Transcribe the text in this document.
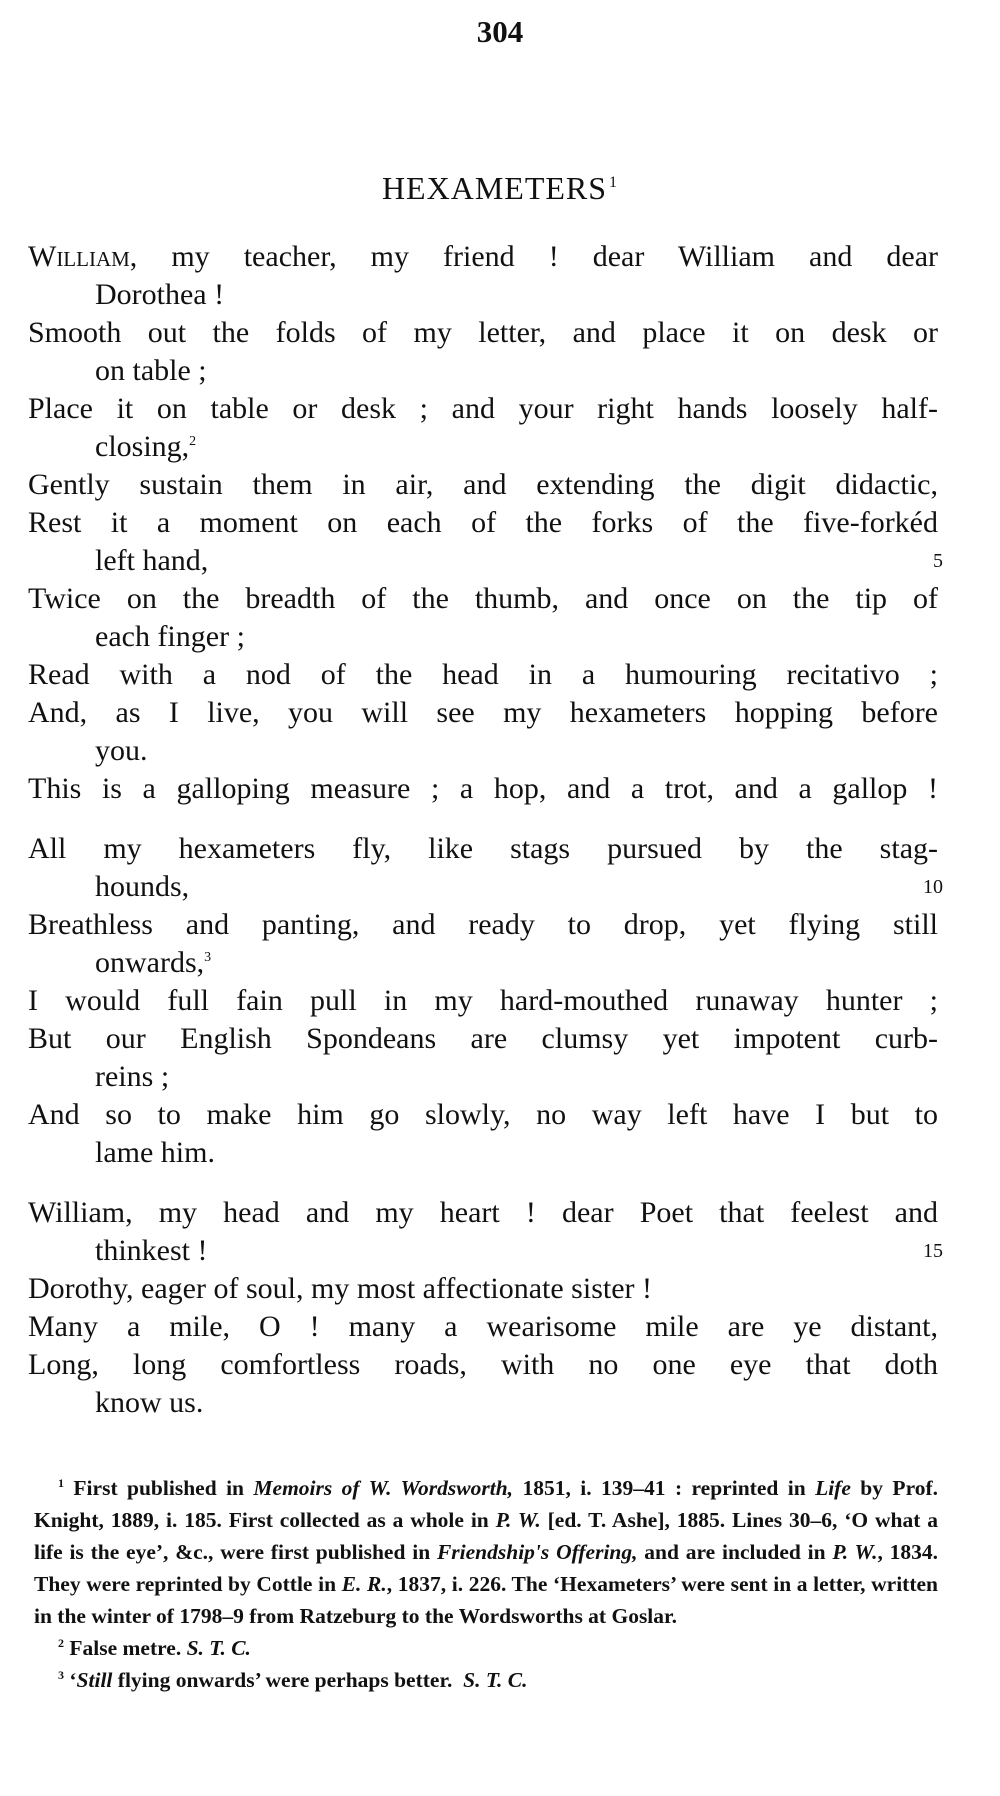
304
HEXAMETERS $^1$
William, my teacher, my friend ! dear William and dear
Dorothea !
Smooth out the folds of my letter, and place it on desk or
on table ;
Place it on table or desk ; and your right hands loosely half-
closing,$^2$
Gently sustain them in air, and extending the digit didactic,
Rest it a moment on each of the forks of the five-forkéd
left hand,	5
Twice on the breadth of the thumb, and once on the tip of
each finger ;
Read with a nod of the head in a humouring recitativo ;
And, as I live, you will see my hexameters hopping before
you.
This is a galloping measure ; a hop, and a trot, and a gallop !
All my hexameters fly, like stags pursued by the stag-
hounds,	10
Breathless and panting, and ready to drop, yet flying still
onwards,$^3$
I would full fain pull in my hard-mouthed runaway hunter ;
But our English Spondeans are clumsy yet impotent curb-
reins ;
And so to make him go slowly, no way left have I but to
lame him.
William, my head and my heart ! dear Poet that feelest and
thinkest !	15
Dorothy, eager of soul, my most affectionate sister !
Many a mile, O ! many a wearisome mile are ye distant,
Long, long comfortless roads, with no one eye that doth
know us.

$^1$ First published in Memoirs of W. Wordsworth, 1851, i. 139–41 : reprinted in Life by Prof. Knight, 1889, i. 185. First collected as a whole in P. W. [ed. T. Ashe], 1885. Lines 30–6, ‘O what a life is the eye’, &c., were first published in Friendship's Offering, and are included in P. W., 1834. They were reprinted by Cottle in E. R., 1837, i. 226. The ‘Hexameters’ were sent in a letter, written in the winter of 1798–9 from Ratzeburg to the Wordsworths at Goslar.

$^2$ False metre. S. T. C.

$^3$ ‘Still flying onwards’ were perhaps better. S. T. C.
